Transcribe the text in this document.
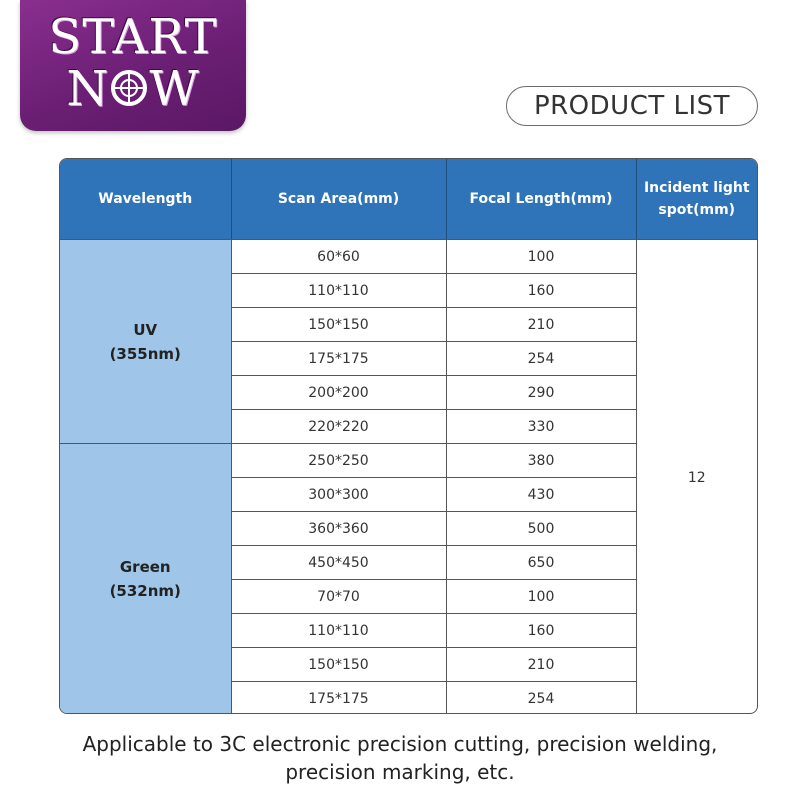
START
N W	PRODUCT LIST
Wavelength	Scan Area(mm)	Focal Length(mm)	Incident light spot(mm)
UV
(355nm)	60*60	100	12
	110*110	160	
	150*150	210	
	175*175	254	
	200*200	290	
	220*220	330	
Green
(532nm)	250*250	380	
	300*300	430	
	360*360	500	
	450*450	650	
	70*70	100	
	110*110	160	
	150*150	210	
	175*175	254	
Applicable to 3C electronic precision cutting, precision welding,
precision marking, etc.
